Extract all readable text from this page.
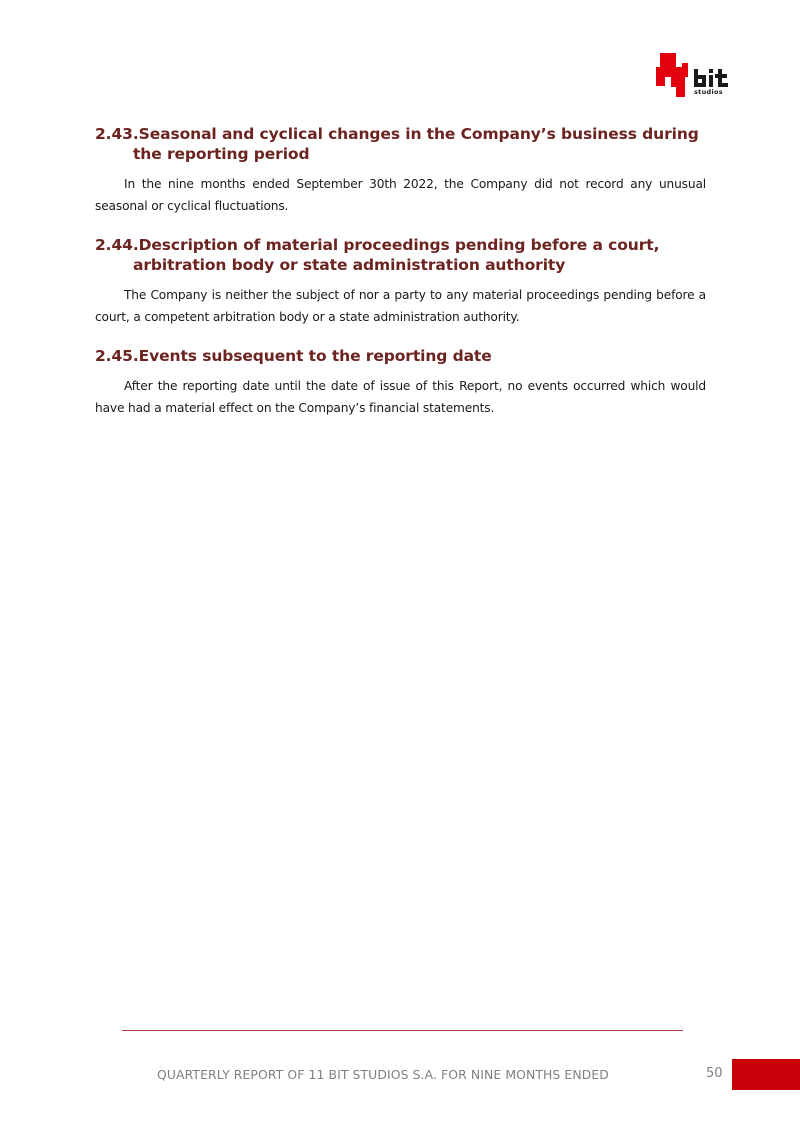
studios
2.43.Seasonal and cyclical changes in the Company’s business during the reporting period

In the nine months ended September 30th 2022, the Company did not record any unusual seasonal or cyclical fluctuations.

2.44.Description of material proceedings pending before a court, arbitration body or state administration authority

The Company is neither the subject of nor a party to any material proceedings pending before a court, a competent arbitration body or a state administration authority.

2.45.Events subsequent to the reporting date

After the reporting date until the date of issue of this Report, no events occurred which would have had a material effect on the Company’s financial statements.

QUARTERLY REPORT OF 11 BIT STUDIOS S.A. FOR NINE MONTHS ENDED	50
